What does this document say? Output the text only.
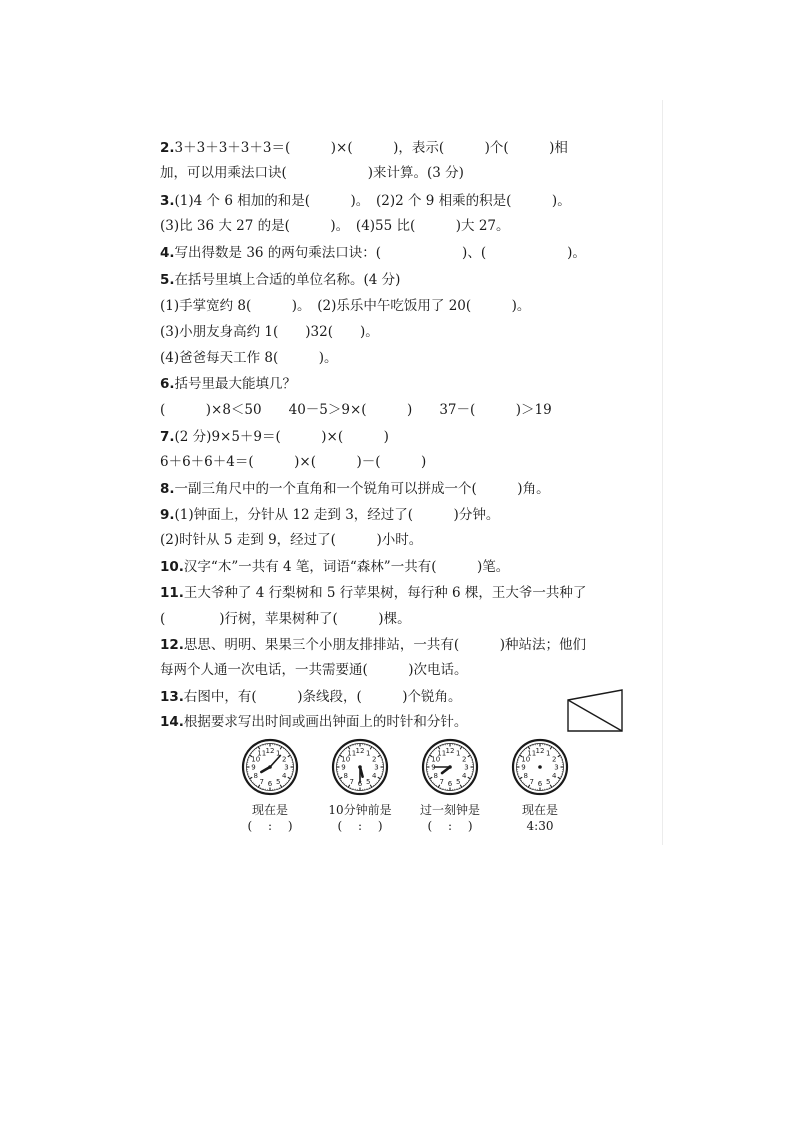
2.3＋3＋3＋3＋3＝(　　　)×(　　　)，表示(　　　)个(　　　)相
加，可以用乘法口诀(　　　　　　)来计算。(3 分)
3.(1)4 个 6 相加的和是(　　　)。　(2)2 个 9 相乘的积是(　　　)。
(3)比 36 大 27 的是(　　　)。　(4)55 比(　　　)大 27。
4.写出得数是 36 的两句乘法口诀：(　　　　　　)、(　　　　　　)。
5.在括号里填上合适的单位名称。(4 分)
(1)手掌宽约 8(　　　)。　(2)乐乐中午吃饭用了 20(　　　)。
(3)小朋友身高约 1(　　)32(　　)。
(4)爸爸每天工作 8(　　　)。
6.括号里最大能填几？
(　　　)×8＜50　　40－5＞9×(　　　)　　37－(　　　)＞19
7.(2 分)9×5＋9＝(　　　)×(　　　)
6＋6＋6＋4＝(　　　)×(　　　)－(　　　)
8.一副三角尺中的一个直角和一个锐角可以拼成一个(　　　)角。
9.(1)钟面上，分针从 12 走到 3，经过了(　　　)分钟。
(2)时针从 5 走到 9，经过了(　　　)小时。
10.汉字“木”一共有 4 笔，词语“森林”一共有(　　　)笔。
11.王大爷种了 4 行梨树和 5 行苹果树，每行种 6 棵，王大爷一共种了
(　　　　)行树，苹果树种了(　　　)棵。
12.思思、明明、果果三个小朋友排排站，一共有(　　　)种站法；他们
每两个人通一次电话，一共需要通(　　　)次电话。
13.右图中，有(　　　)条线段，(　　　)个锐角。
14.根据要求写出时间或画出钟面上的时针和分针。
1
2
3
4
5
6
7
8
9
10
11 12
现在是
(　 :　 )
1
2
3
4
5
6
7
8
9
10
11 12
10分钟前是
(　 :　 )
1
2
3
4
5
6
7
8
9
10
11 12
过一刻钟是
(　 :　 )
1
2
3
4
5
6
7
8
9
10
11 12
现在是
4:30
